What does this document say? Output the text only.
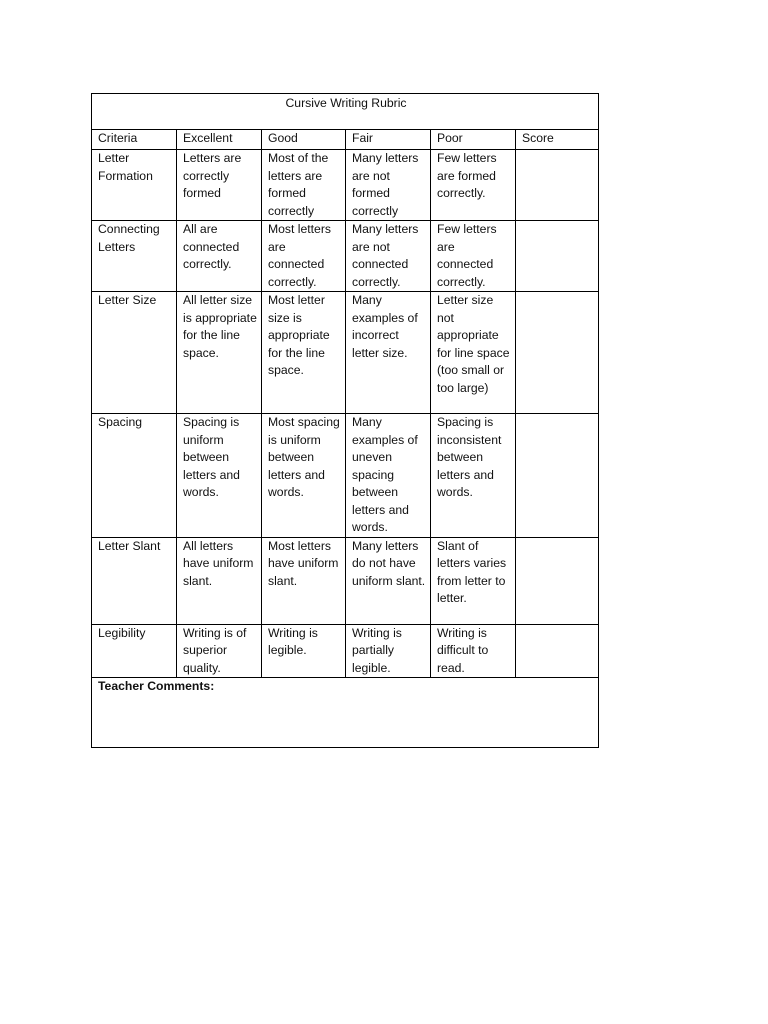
Cursive Writing Rubric					
Criteria	Excellent	Good	Fair	Poor	Score
Letter Formation	Letters are correctly formed	Most of the letters are formed correctly	Many letters are not formed correctly	Few letters are formed correctly.	
Connecting Letters	All are connected correctly.	Most letters are connected correctly.	Many letters are not connected correctly.	Few letters are connected correctly.	
Letter Size	All letter size is appropriate for the line space.	Most letter size is appropriate for the line space.	Many examples of incorrect letter size.	Letter size not appropriate for line space (too small or too large)	
Spacing	Spacing is uniform between letters and words.	Most spacing is uniform between letters and words.	Many examples of uneven spacing between letters and words.	Spacing is inconsistent between letters and words.	
Letter Slant	All letters have uniform slant.	Most letters have uniform slant.	Many letters do not have uniform slant.	Slant of letters varies from letter to letter.	
Legibility	Writing is of superior quality.	Writing is legible.	Writing is partially legible.	Writing is difficult to read.	
Teacher Comments:					
